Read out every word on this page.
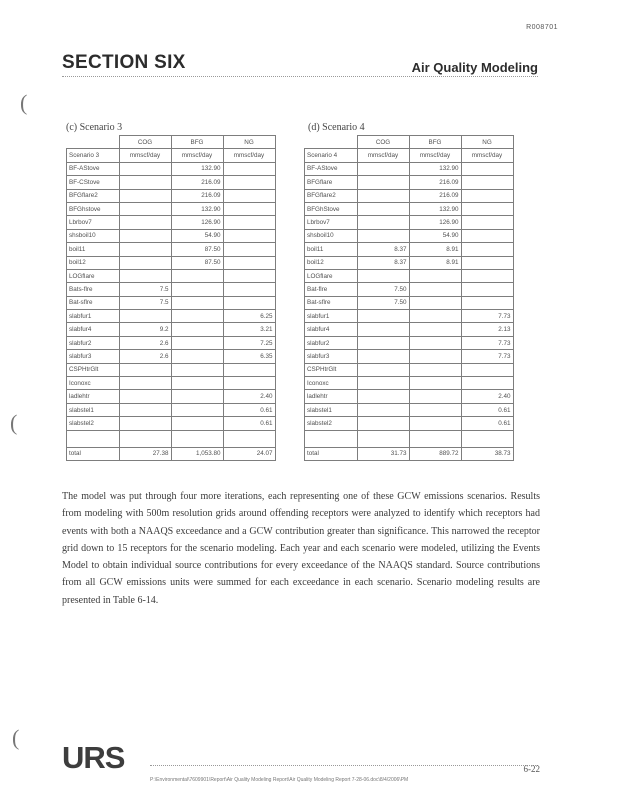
R008701
SECTION SIX	Air Quality Modeling
(
(
(
(c) Scenario 3
	COG	BFG	NG
Scenario 3	mmscf/day	mmscf/day	mmscf/day
BF-AStove		132.90	
BF-CStove		216.09	
BFGflare2		216.09	
BFGhstove		132.90	
Lbrbov7		126.90	
shsboil10		54.90	
boil11		87.50	
boil12		87.50	
LOGflare			
Bats-flre	7.5		
Bat-sflre	7.5		
slabfur1			6.25
slabfur4	9.2		3.21
slabfur2	2.6		7.25
slabfur3	2.6		6.35
CSPHtrGlt			
Iconoxc			
ladlehtr			2.40
slabstel1			0.61
slabstel2			0.61

total	27.38	1,053.80	24.07
(d) Scenario 4
	COG	BFG	NG
Scenario 4	mmscf/day	mmscf/day	mmscf/day
BF-AStove		132.90	
BFGflare		216.09	
BFGflare2		216.09	
BFGhStove		132.90	
Lbrbov7		126.90	
shsboil10		54.90	
boil11	8.37	8.91	
boil12	8.37	8.91	
LOGflare			
Bat-flre	7.50		
Bat-sflre	7.50		
slabfur1			7.73
slabfur4			2.13
slabfur2			7.73
slabfur3			7.73
CSPHtrGlt			
Iconoxc			
ladlehtr			2.40
slabstel1			0.61
slabstel2			0.61

total	31.73	889.72	38.73

The model was put through four more iterations, each representing one of these GCW emissions scenarios. Results from modeling with 500m resolution grids around offending receptors were analyzed to identify which receptors had events with both a NAAQS exceedance and a GCW contribution greater than significance. This narrowed the receptor grid down to 15 receptors for the scenario modeling. Each year and each scenario were modeled, utilizing the Events Model to obtain individual source contributions for every exceedance of the NAAQS standard. Source contributions from all GCW emissions units were summed for each exceedance in each scenario. Scenario modeling results are presented in Table 6-14.

URS	6-22
P:\Environmental\7609901\Report\Air Quality Modeling Report\Air Quality Modeling Report 7-28-06.doc\8/4/2006\PM
